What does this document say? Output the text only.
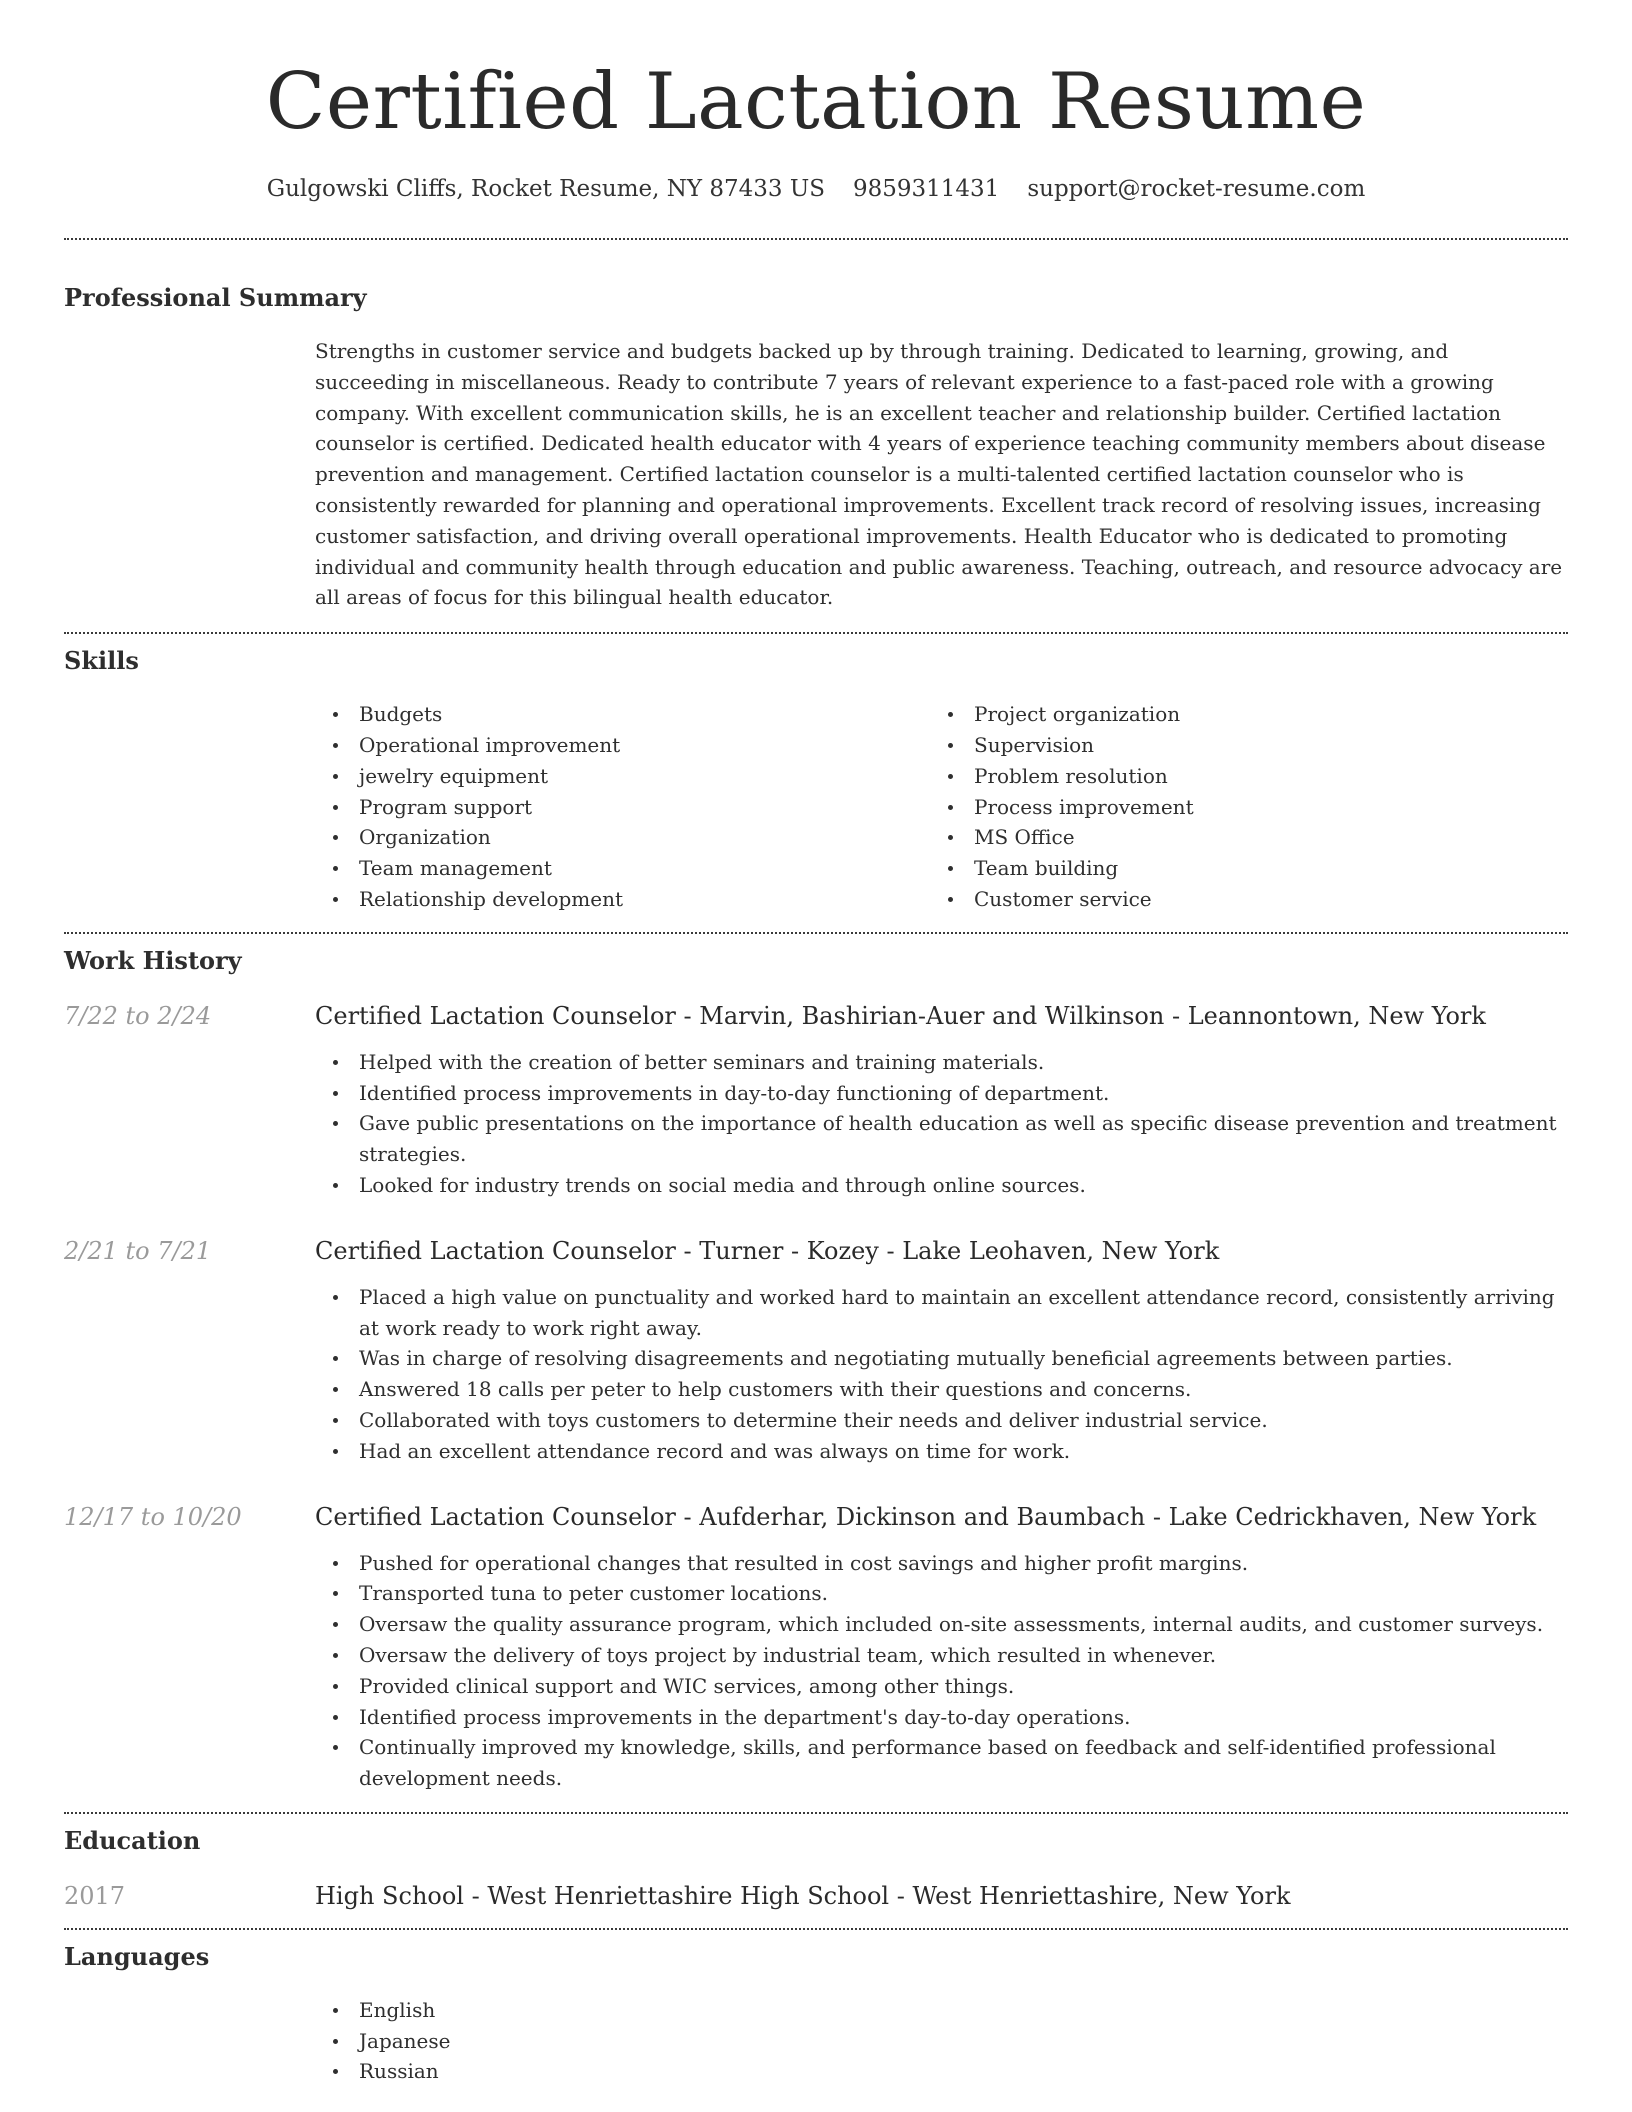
Certified Lactation Resume
Gulgowski Cliffs, Rocket Resume, NY 87433 US 9859311431 support@rocket-resume.com
Professional Summary

Strengths in customer service and budgets backed up by through training. Dedicated to learning, growing, and succeeding in miscellaneous. Ready to contribute 7 years of relevant experience to a fast-paced role with a growing company. With excellent communication skills, he is an excellent teacher and relationship builder. Certified lactation counselor is certified. Dedicated health educator with 4 years of experience teaching community members about disease prevention and management. Certified lactation counselor is a multi-talented certified lactation counselor who is consistently rewarded for planning and operational improvements. Excellent track record of resolving issues, increasing customer satisfaction, and driving overall operational improvements. Health Educator who is dedicated to promoting individual and community health through education and public awareness. Teaching, outreach, and resource advocacy are all areas of focus for this bilingual health educator.

Skills
Budgets
Operational improvement
jewelry equipment
Program support
Organization
Team management
Relationship development
Project organization
Supervision
Problem resolution
Process improvement
MS Office
Team building
Customer service
Work History
7/22 to 2/24	Certified Lactation Counselor - Marvin, Bashirian-Auer and Wilkinson - Leannontown, New York
Helped with the creation of better seminars and training materials.
Identified process improvements in day-to-day functioning of department.
Gave public presentations on the importance of health education as well as specific disease prevention and treatment strategies.
Looked for industry trends on social media and through online sources.
2/21 to 7/21	Certified Lactation Counselor - Turner - Kozey - Lake Leohaven, New York
Placed a high value on punctuality and worked hard to maintain an excellent attendance record, consistently arriving at work ready to work right away.
Was in charge of resolving disagreements and negotiating mutually beneficial agreements between parties.
Answered 18 calls per peter to help customers with their questions and concerns.
Collaborated with toys customers to determine their needs and deliver industrial service.
Had an excellent attendance record and was always on time for work.
12/17 to 10/20	Certified Lactation Counselor - Aufderhar, Dickinson and Baumbach - Lake Cedrickhaven, New York
Pushed for operational changes that resulted in cost savings and higher profit margins.
Transported tuna to peter customer locations.
Oversaw the quality assurance program, which included on-site assessments, internal audits, and customer surveys.
Oversaw the delivery of toys project by industrial team, which resulted in whenever.
Provided clinical support and WIC services, among other things.
Identified process improvements in the department's day-to-day operations.
Continually improved my knowledge, skills, and performance based on feedback and self-identified professional development needs.
Education
2017	High School - West Henriettashire High School - West Henriettashire, New York
Languages
English
Japanese
Russian
